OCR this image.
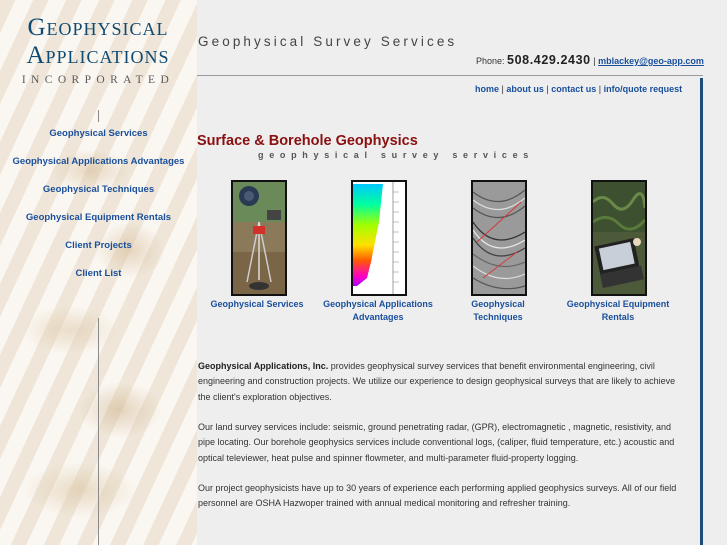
Geophysical
Applications
INCORPORATED
Geophysical Services
Geophysical Applications Advantages
Geophysical Techniques
Geophysical Equipment Rentals
Client Projects
Client List
Geophysical Survey Services
Phone: 508.429.2430 | mblackey@geo-app.com
home | about us | contact us | info/quote request
Surface & Borehole Geophysics
geophysical survey services
Geophysical Services	Geophysical Applications Advantages
Geophysical Techniques
Geophysical Equipment Rentals
Geophysical Applications, Inc. provides geophysical survey services that benefit environmental engineering, civil engineering and construction projects. We utilize our experience to design geophysical surveys that are likely to achieve the client's exploration objectives.
Our land survey services include: seismic, ground penetrating radar, (GPR), electromagnetic , magnetic, resistivity, and pipe locating. Our borehole geophysics services include conventional logs, (caliper, fluid temperature, etc.) acoustic and optical televiewer, heat pulse and spinner flowmeter, and multi-parameter fluid-property logging.
Our project geophysicists have up to 30 years of experience each performing applied geophysics surveys. All of our field personnel are OSHA Hazwoper trained with annual medical monitoring and refresher training.
